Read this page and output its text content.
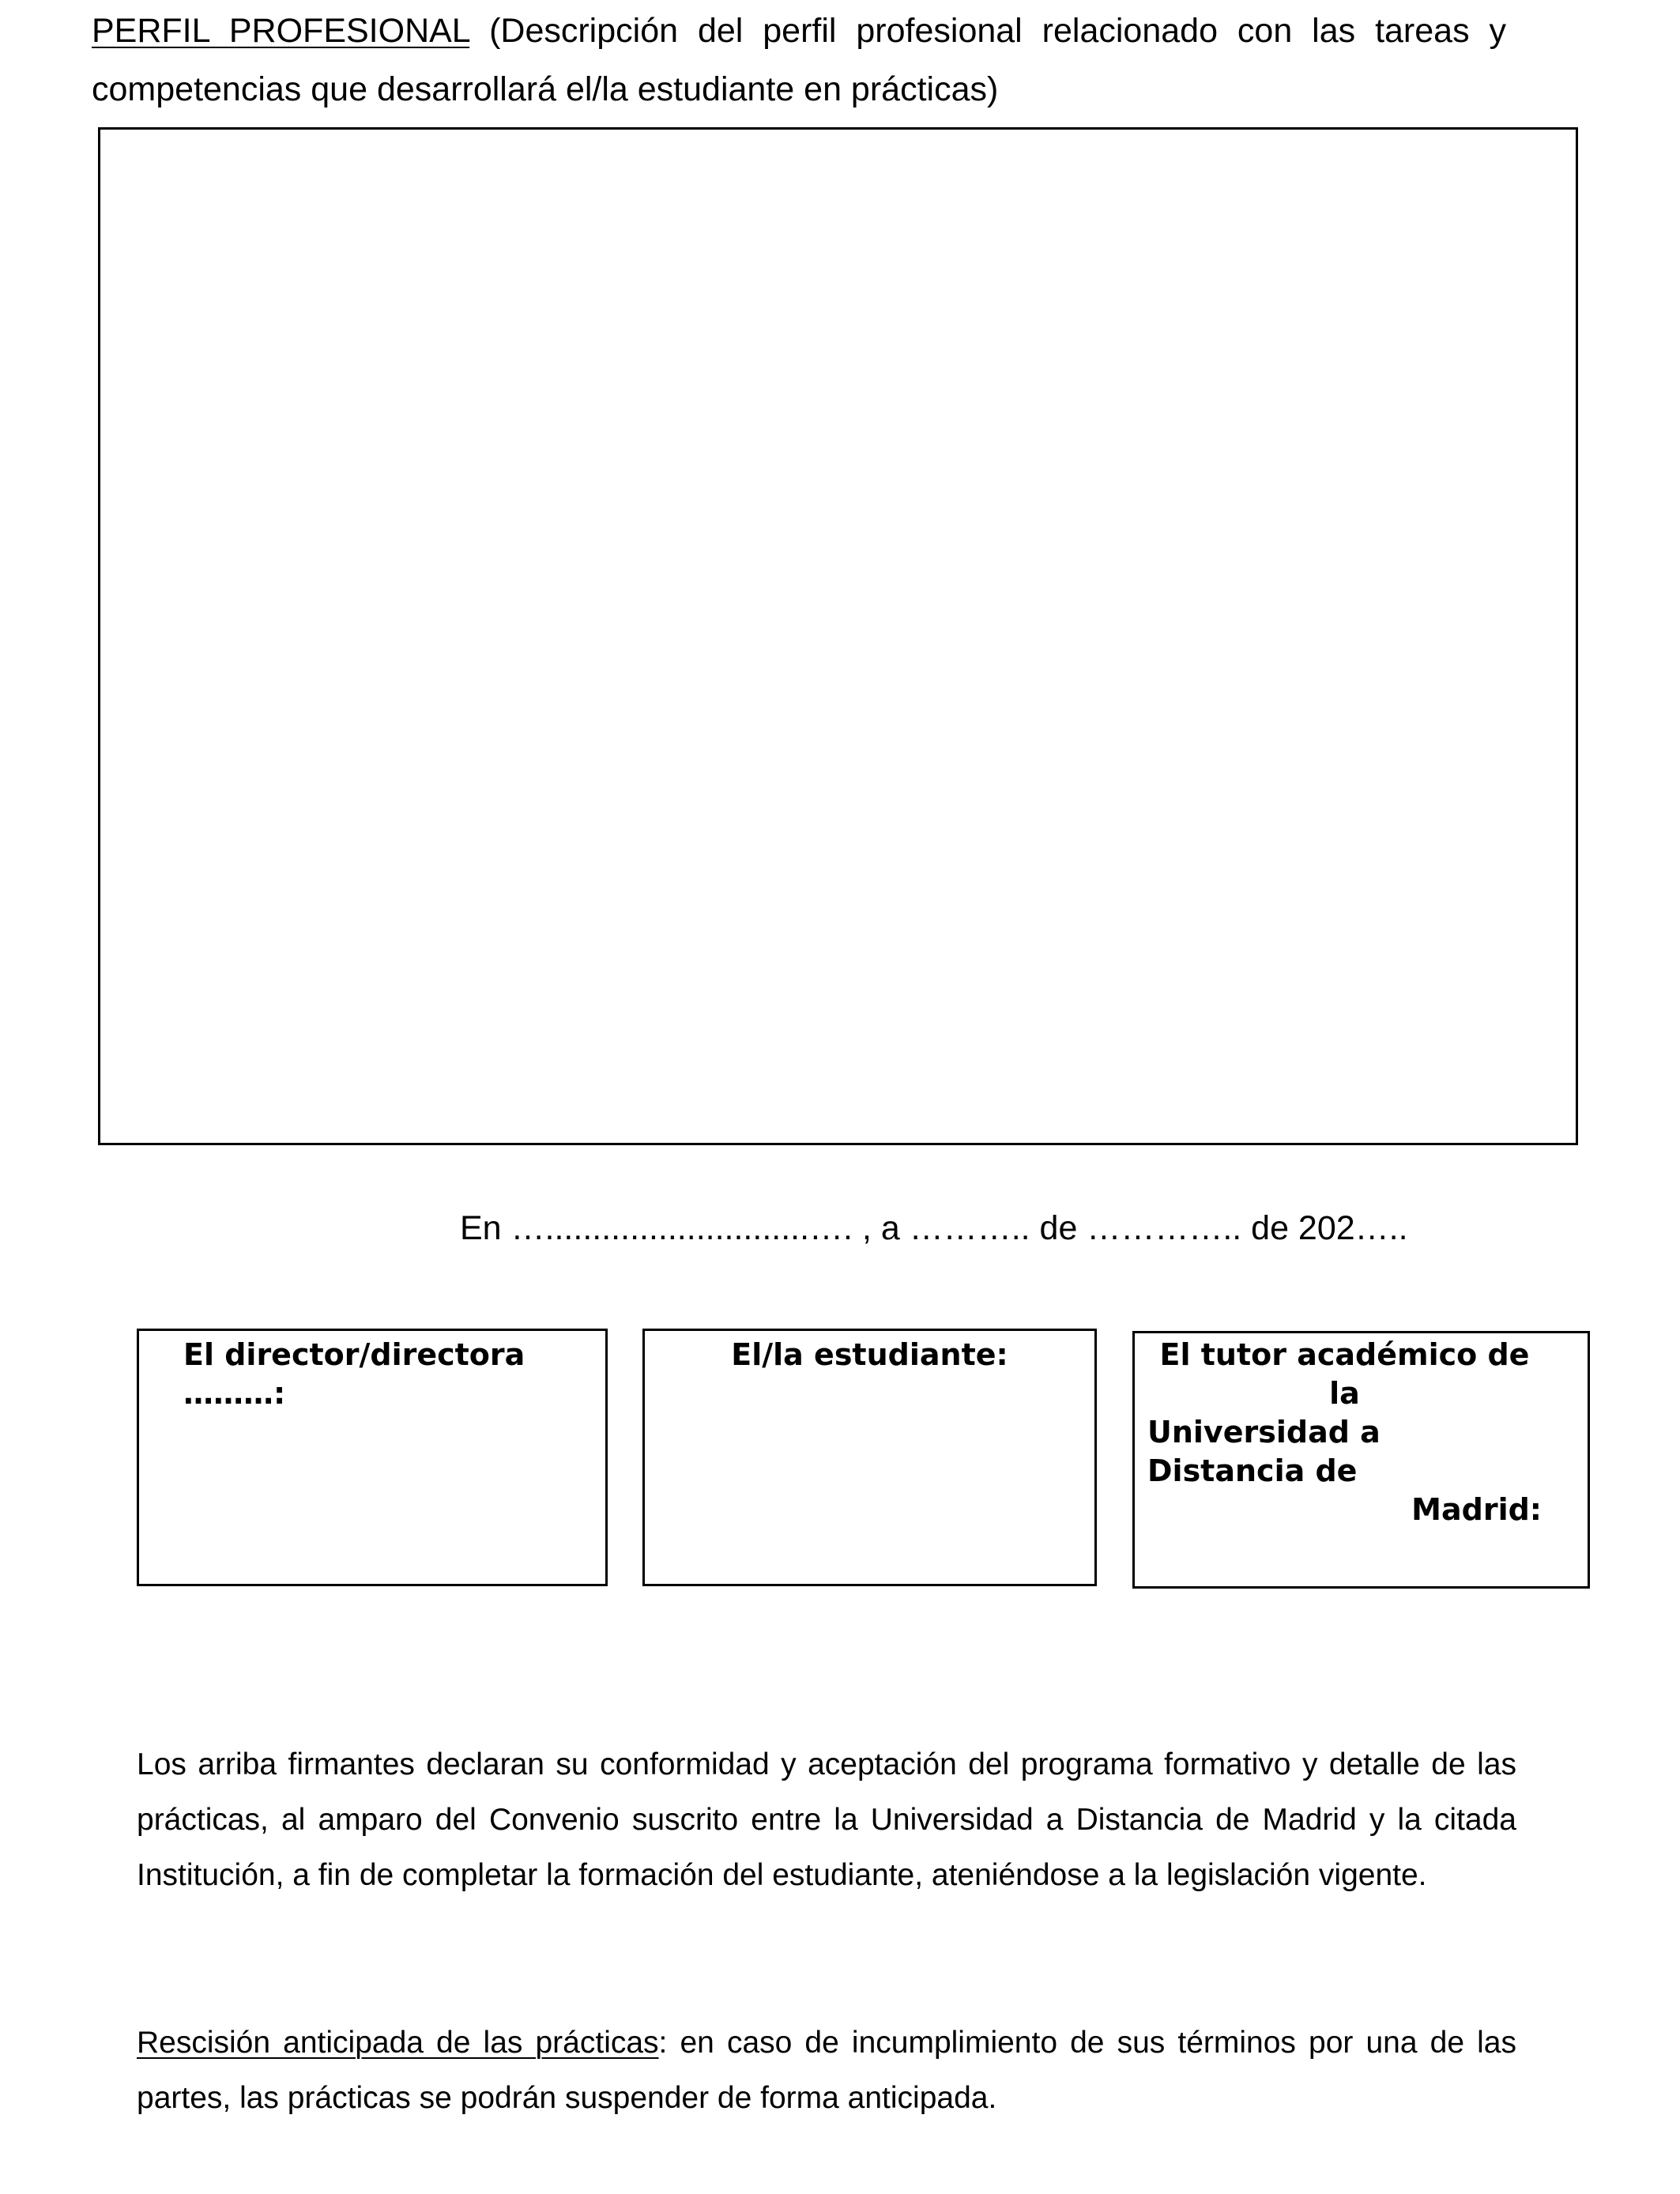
PERFIL PROFESIONAL (Descripción del perfil profesional relacionado con las tareas y competencias que desarrollará el/la estudiante en prácticas)
En …............................…. , a ……….. de ………….. de 202…..
El director/directora ………:
El/la estudiante:	El tutor académico de la
Universidad a Distancia de
Madrid:
Los arriba firmantes declaran su conformidad y aceptación del programa formativo y detalle de las prácticas, al amparo del Convenio suscrito entre la Universidad a Distancia de Madrid y la citada Institución, a fin de completar la formación del estudiante, ateniéndose a la legislación vigente.
Rescisión anticipada de las prácticas: en caso de incumplimiento de sus términos por una de las partes, las prácticas se podrán suspender de forma anticipada.
